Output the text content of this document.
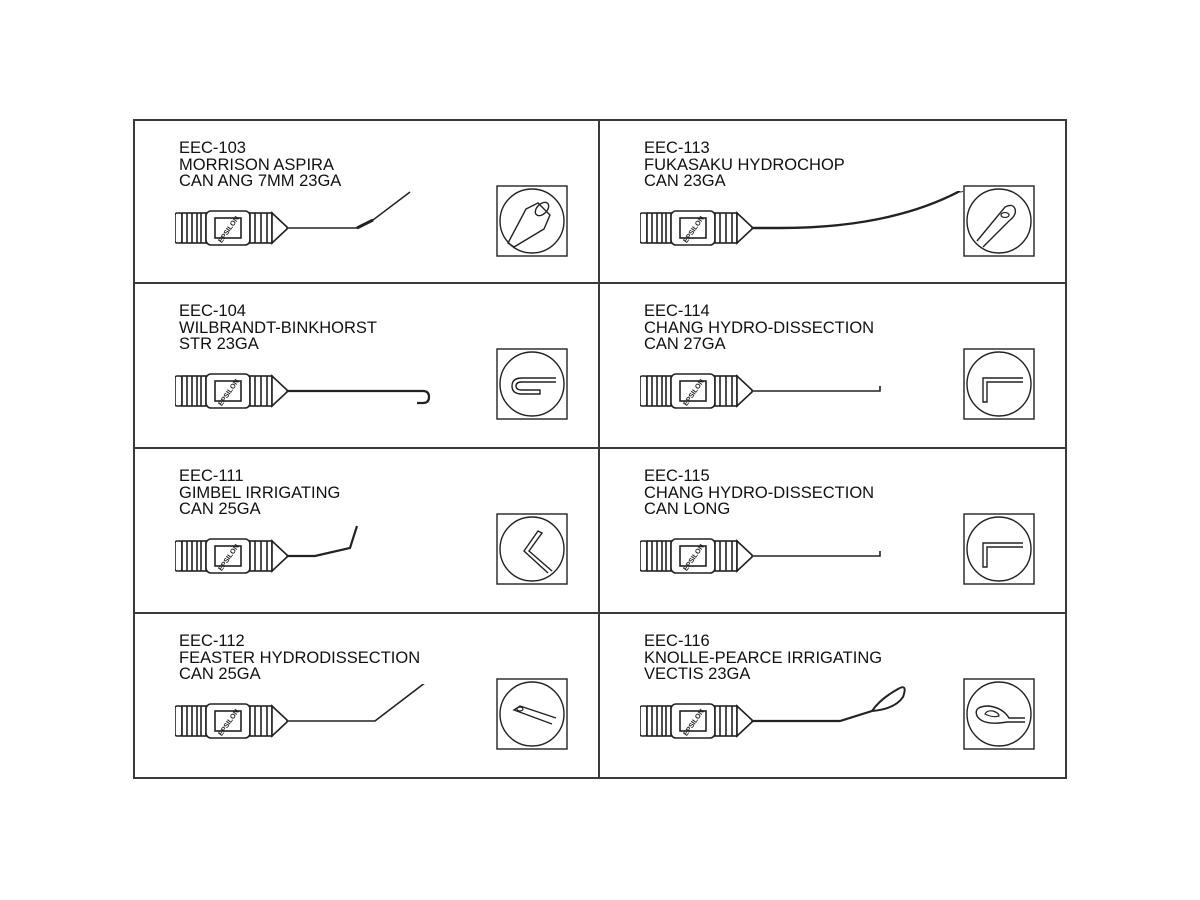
EEC-103
MORRISON ASPIRA
CAN ANG 7MM 23GA
EPSILON
EEC-113
FUKASAKU HYDROCHOP
CAN 23GA
EPSILON
EEC-104
WILBRANDT-BINKHORST
STR 23GA
EPSILON
EEC-114
CHANG HYDRO-DISSECTION
CAN 27GA
EPSILON
EEC-111
GIMBEL IRRIGATING
CAN 25GA
EPSILON
EEC-115
CHANG HYDRO-DISSECTION
CAN LONG
EPSILON
EEC-112
FEASTER HYDRODISSECTION
CAN 25GA
EPSILON
EEC-116
KNOLLE-PEARCE IRRIGATING
VECTIS 23GA
EPSILON
